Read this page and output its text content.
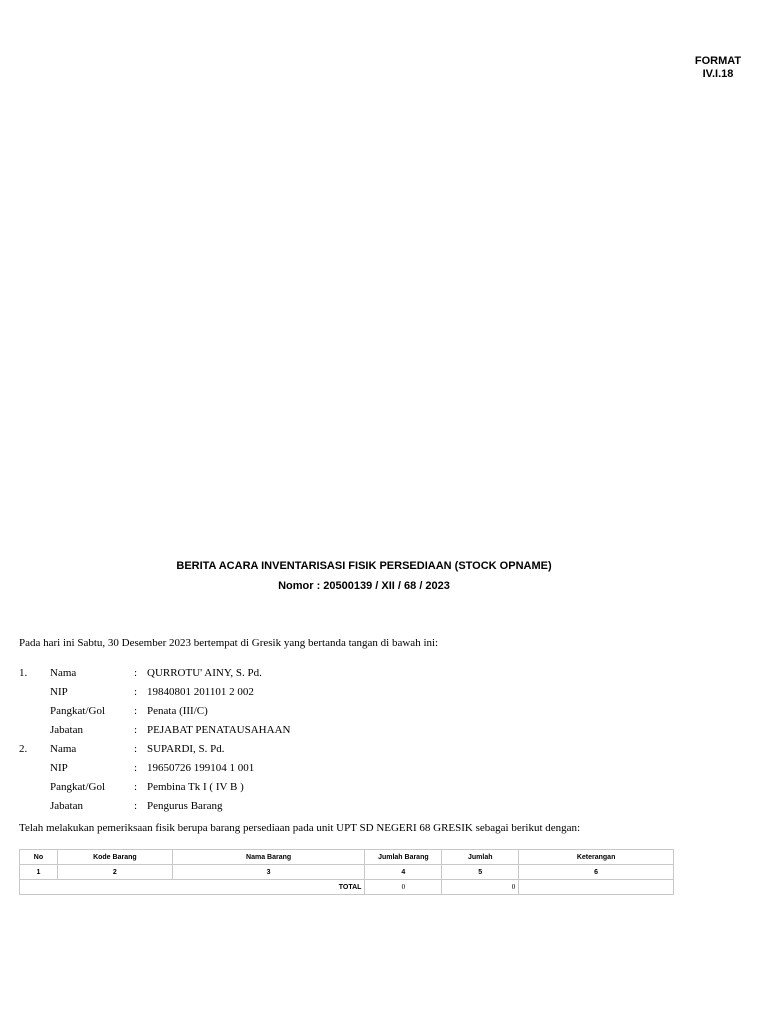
FORMAT
IV.I.18
BERITA ACARA INVENTARISASI FISIK PERSEDIAAN (STOCK OPNAME)
Nomor : 20500139 / XII / 68 / 2023
Pada hari ini Sabtu, 30 Desember 2023 bertempat di Gresik yang bertanda tangan di bawah ini:
1.	Nama	: QURROTU' AINY, S. Pd.
NIP	: 19840801 201101 2 002
Pangkat/Gol	: Penata (III/C)
Jabatan	: PEJABAT PENATAUSAHAAN
2.	Nama	: SUPARDI, S. Pd.
NIP	: 19650726 199104 1 001
Pangkat/Gol	: Pembina Tk I ( IV B )
Jabatan	: Pengurus Barang
Telah melakukan pemeriksaan fisik berupa barang persediaan pada unit UPT SD NEGERI 68 GRESIK sebagai berikut dengan:
No	Kode Barang	Nama Barang	Jumlah Barang	Jumlah	Keterangan
1	2	3	4	5	6
TOTAL			0	0	
